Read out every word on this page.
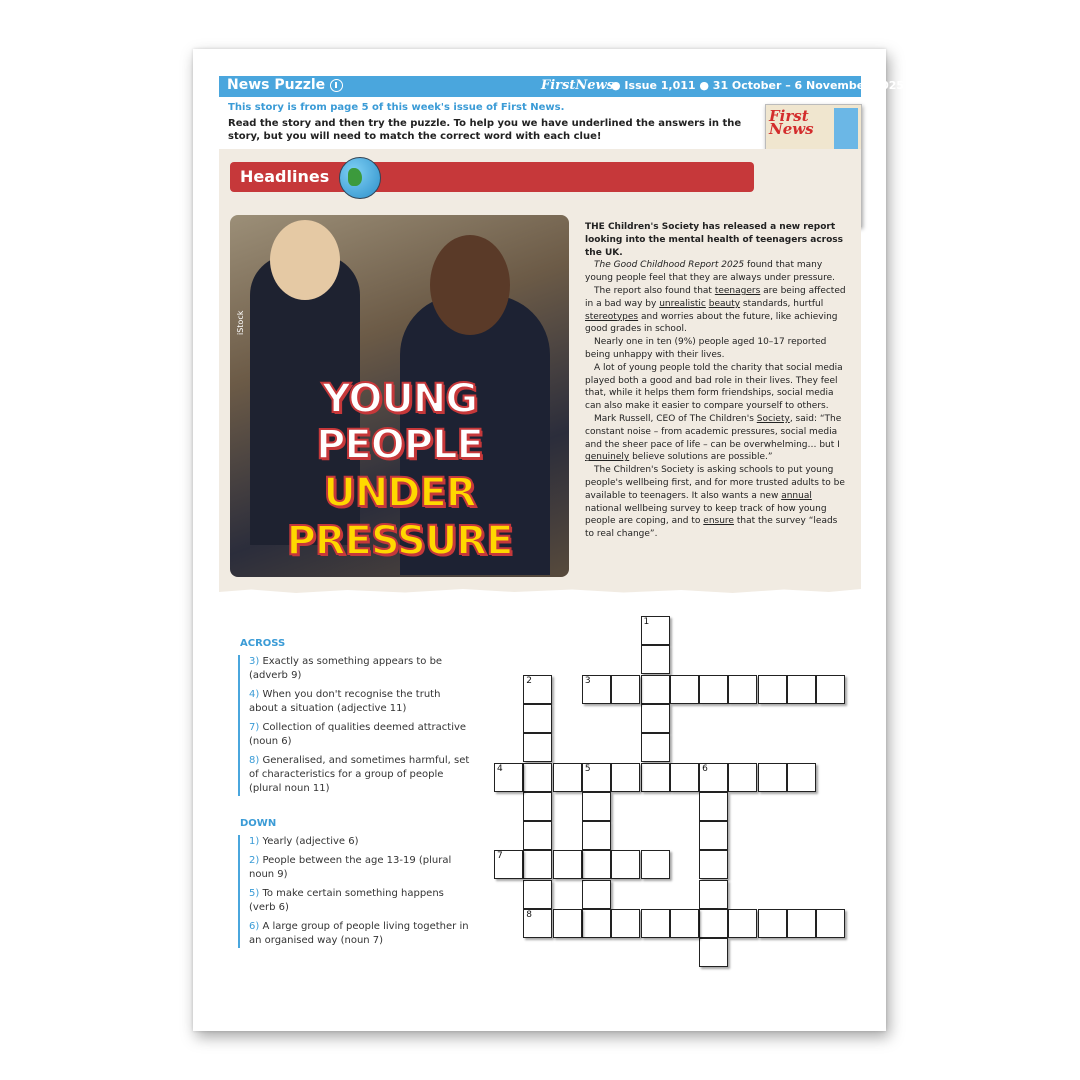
News Puzzle	FirstNews
● Issue 1,011 ● 31 October – 6 November 2025
This story is from page 5 of this week's issue of First News.
Read the story and then try the puzzle. To help you we have underlined the answers in the story, but you will need to match the correct word with each clue!
First
News
Headlines
iStock
YOUNG
PEOPLE
UNDER
PRESSURE

THE Children's Society has released a new report looking into the mental health of teenagers across the UK.

The Good Childhood Report 2025 found that many young people feel that they are always under pressure.

The report also found that teenagers are being affected in a bad way by unrealistic beauty standards, hurtful stereotypes and worries about the future, like achieving good grades in school.

Nearly one in ten (9%) people aged 10–17 reported being unhappy with their lives.

A lot of young people told the charity that social media played both a good and bad role in their lives. They feel that, while it helps them form friendships, social media can also make it easier to compare yourself to others.

Mark Russell, CEO of The Children's Society, said: “The constant noise – from academic pressures, social media and the sheer pace of life – can be overwhelming… but I genuinely believe solutions are possible.”

The Children's Society is asking schools to put young people's wellbeing first, and for more trusted adults to be available to teenagers. It also wants a new annual national wellbeing survey to keep track of how young people are coping, and to ensure that the survey “leads to real change”.

ACROSS

3) Exactly as something appears to be (adverb 9)

4) When you don't recognise the truth about a situation (adjective 11)

7) Collection of qualities deemed attractive (noun 6)

8) Generalised, and sometimes harmful, set of characteristics for a group of people (plural noun 11)

DOWN

1) Yearly (adjective 6)

2) People between the age 13-19 (plural noun 9)

5) To make certain something happens (verb 6)

6) A large group of people living together in an organised way (noun 7)

1
2
8
3
4	5	6
7
